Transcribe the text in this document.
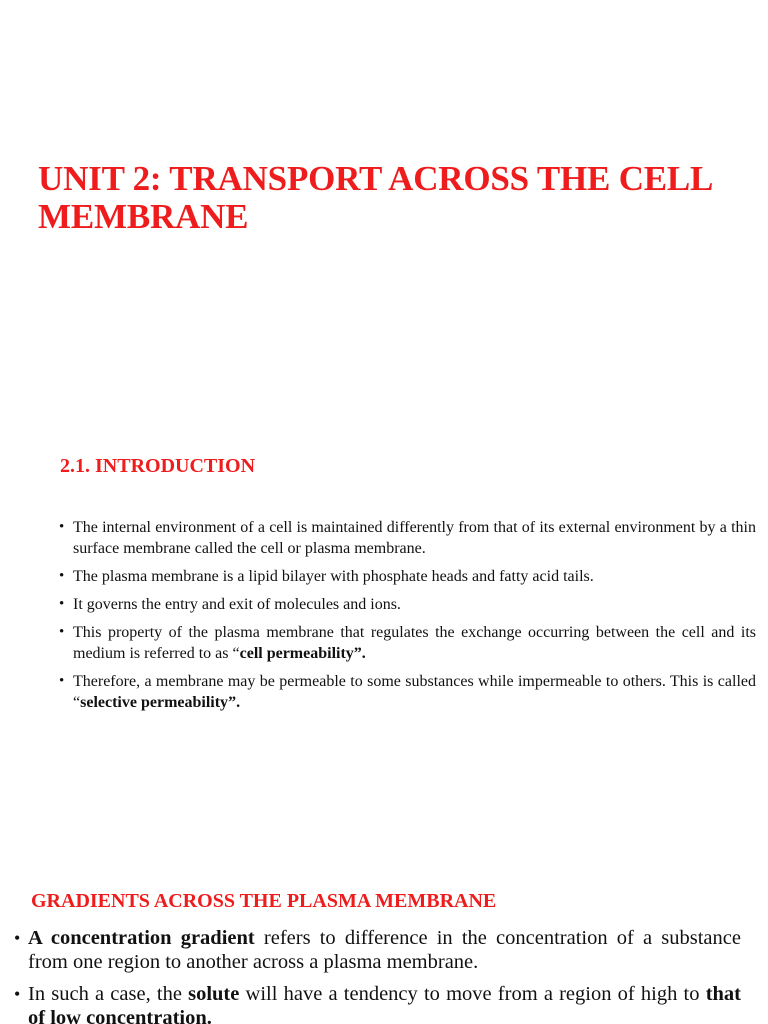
UNIT 2: TRANSPORT ACROSS THE CELL MEMBRANE
2.1. INTRODUCTION
• The internal environment of a cell is maintained differently from that of its external environment by a thin surface membrane called the cell or plasma membrane.
• The plasma membrane is a lipid bilayer with phosphate heads and fatty acid tails.
• It governs the entry and exit of molecules and ions.
• This property of the plasma membrane that regulates the exchange occurring between the cell and its medium is referred to as “cell permeability”.
• Therefore, a membrane may be permeable to some substances while impermeable to others. This is called “selective permeability”.
GRADIENTS ACROSS THE PLASMA MEMBRANE
• A concentration gradient refers to difference in the concentration of a substance from one region to another across a plasma membrane.
• In such a case, the solute will have a tendency to move from a region of high to that of low concentration.
